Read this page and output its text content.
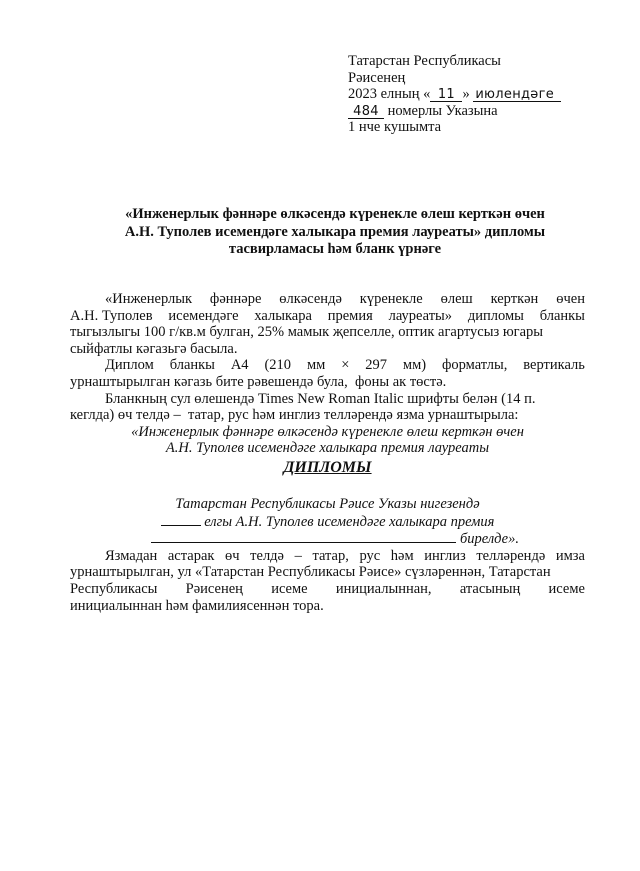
Татарстан Республикасы
Рәисенең
2023 елның « 11 » июлендәге
484 номерлы Указына
1 нче кушымта
«Инженерлык фәннәре өлкәсендә күренекле өлеш керткән өчен
А.Н. Туполев исемендәге халыкара премия лауреаты» дипломы
тасвирламасы һәм бланк үрнәге
«Инженерлык фәннәре өлкәсендә күренекле өлеш керткән өчен
А.Н. Туполев исемендәге халыкара премия лауреаты» дипломы бланкы
тыгызлыгы 100 г/кв.м булган, 25% мамык җепселле, оптик агартусыз югары
сыйфатлы кәгазьгә басыла.
Диплом бланкы А4 (210 мм × 297 мм) форматлы, вертикаль
урнаштырылган кәгазь бите рәвешендә була,  фоны ак төстә.
Бланкның сул өлешендә Times New Roman Italic шрифты белән (14 п.
кеглда) өч телдә –  татар, рус һәм инглиз телләрендә язма урнаштырыла:
«Инженерлык фәннәре өлкәсендә күренекле өлеш керткән өчен
А.Н. Туполев исемендәге халыкара премия лауреаты
ДИПЛОМЫ
Татарстан Республикасы Рәисе Указы нигезендә
елгы А.Н. Туполев исемендәге халыкара премия
бирелде».
Язмадан астарак өч телдә – татар, рус һәм инглиз телләрендә имза
урнаштырылган, ул «Татарстан Республикасы Рәисе» сүзләреннән, Татарстан
Республикасы Рәисенең исеме инициалыннан, атасының исеме
инициалыннан һәм фамилиясеннән тора.
